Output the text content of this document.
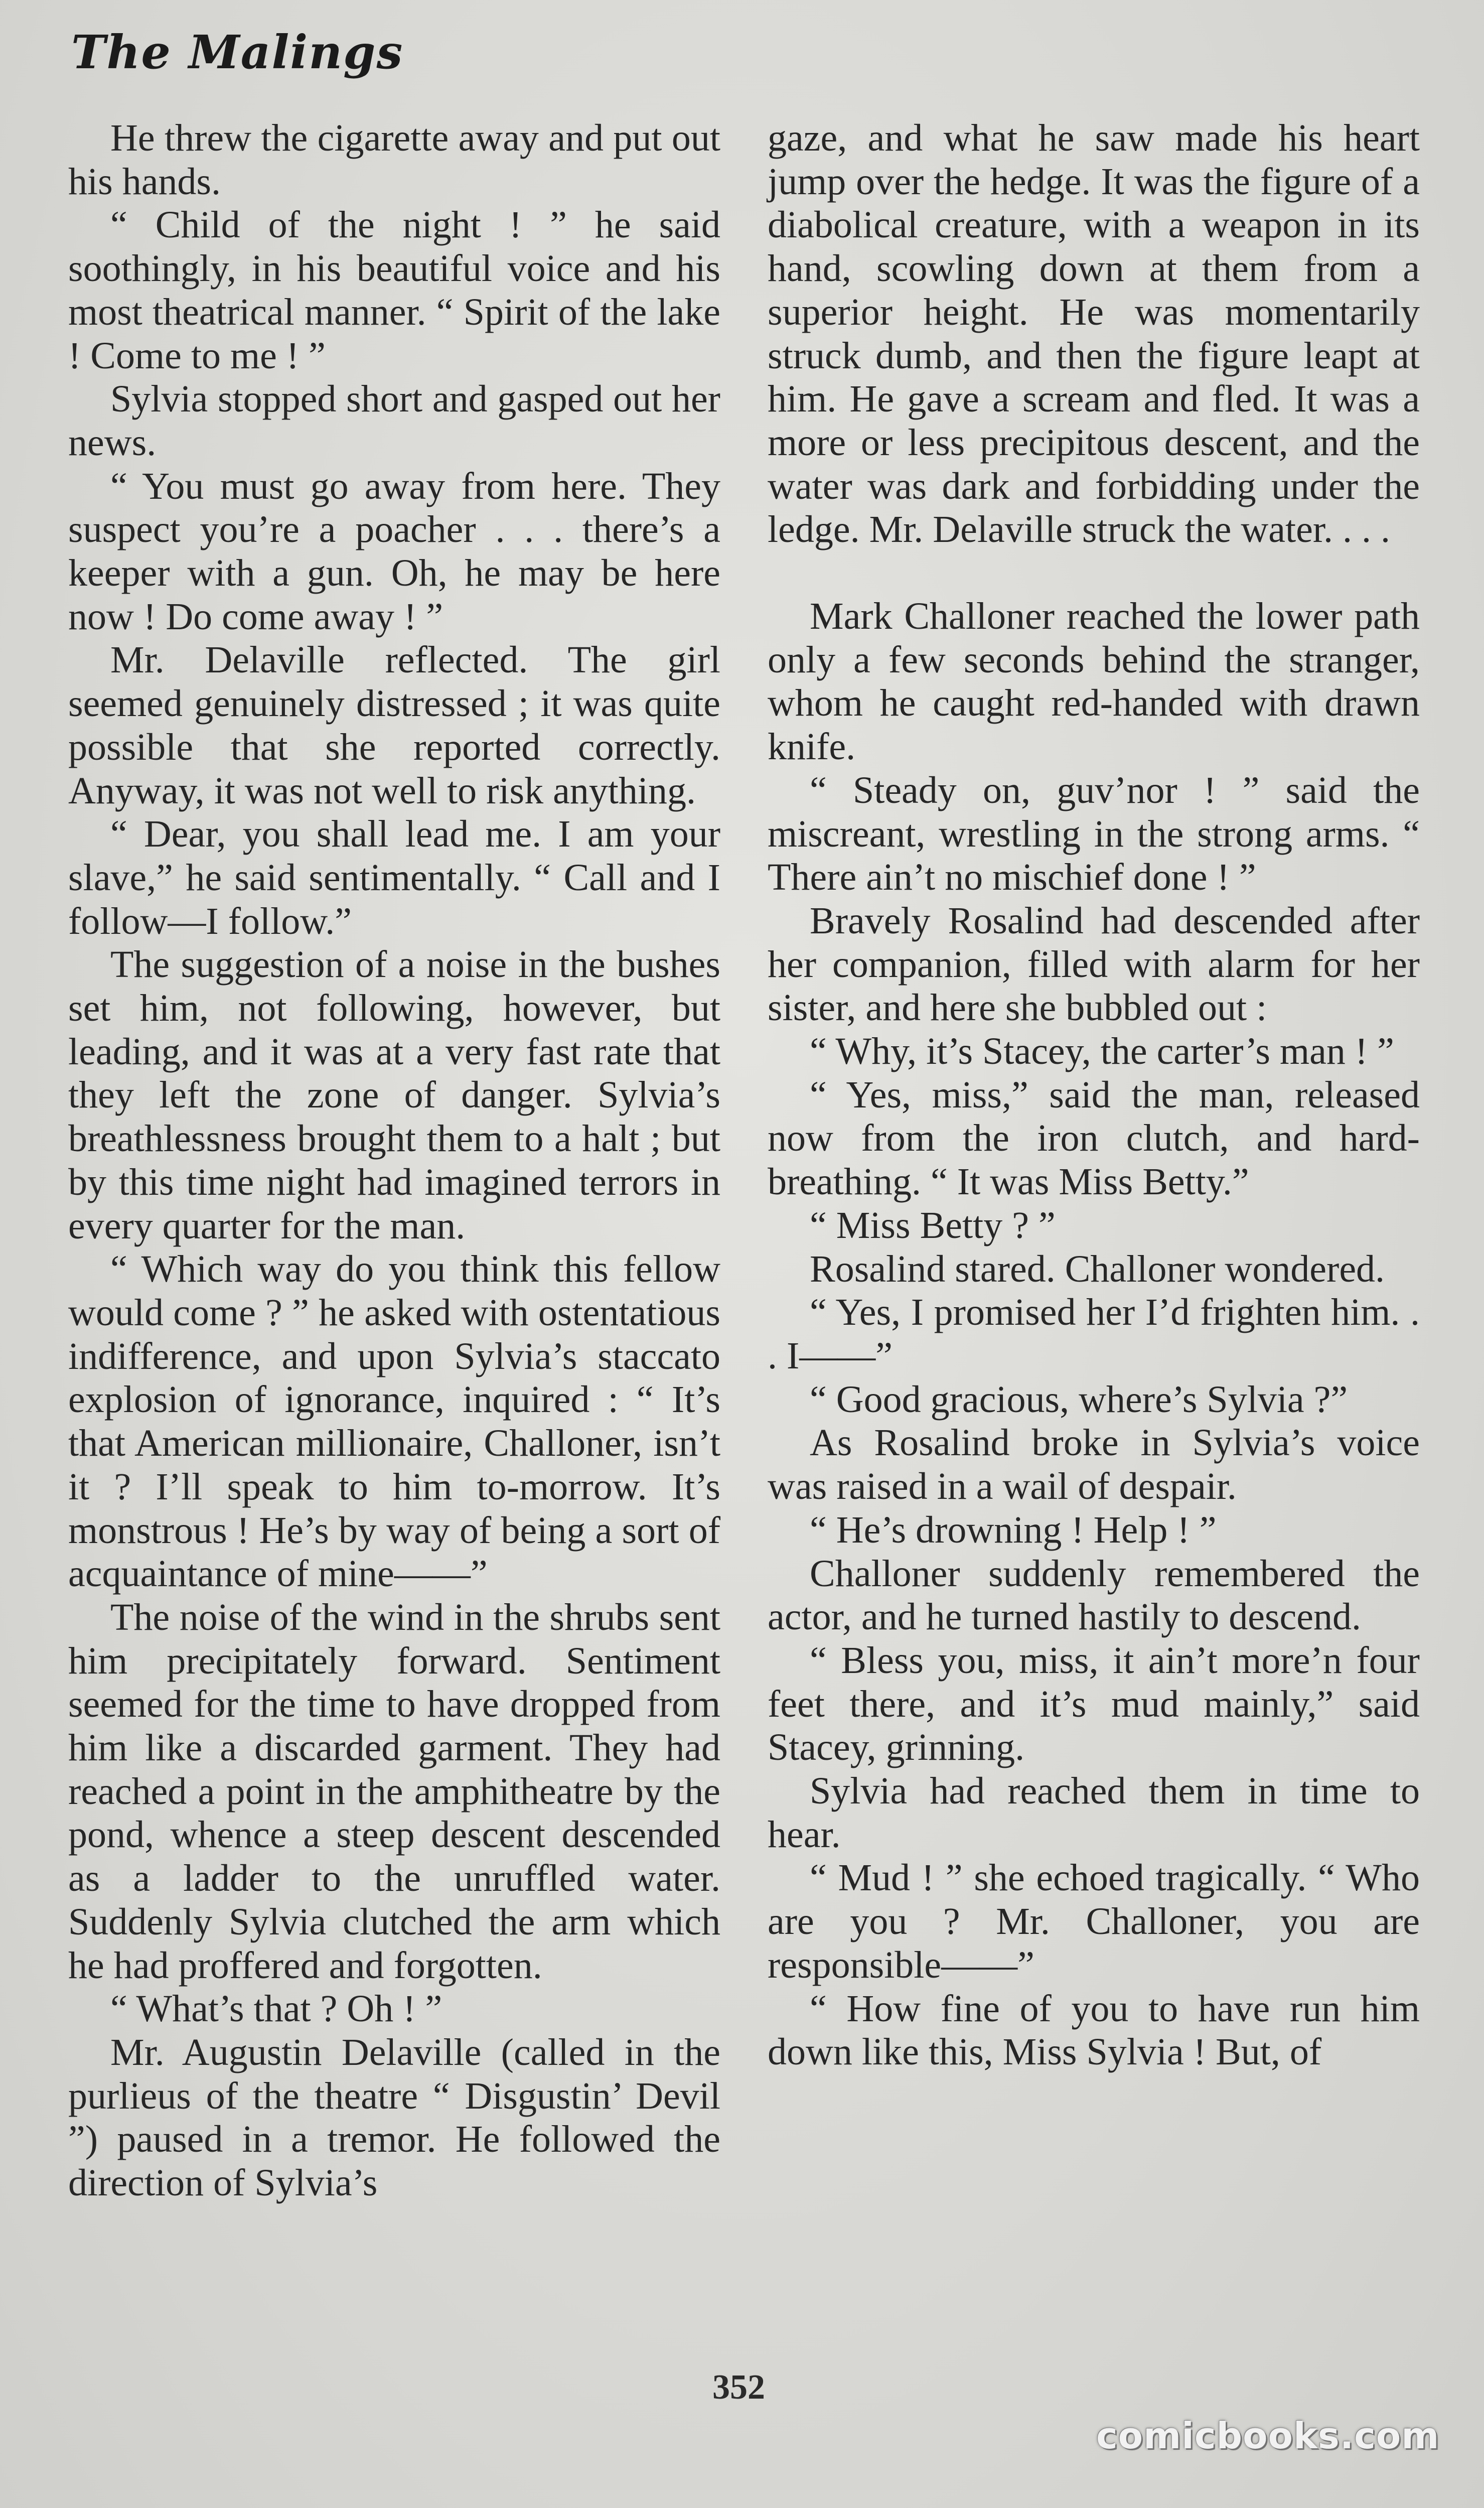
The Malings

He threw the cigarette away and put out his hands.

“ Child of the night ! ” he said soothingly, in his beautiful voice and his most theatrical manner. “ Spirit of the lake ! Come to me ! ”

Sylvia stopped short and gasped out her news.

“ You must go away from here. They suspect you’re a poacher . . . there’s a keeper with a gun. Oh, he may be here now ! Do come away ! ”

Mr. Delaville reflected. The girl seemed genuinely distressed ; it was quite possible that she reported correctly. Anyway, it was not well to risk anything.

“ Dear, you shall lead me. I am your slave,” he said sentimentally. “ Call and I follow—I follow.”

The suggestion of a noise in the bushes set him, not following, however, but leading, and it was at a very fast rate that they left the zone of danger. Sylvia’s breathlessness brought them to a halt ; but by this time night had imagined terrors in every quarter for the man.

“ Which way do you think this fellow would come ? ” he asked with ostentatious indifference, and upon Sylvia’s staccato explosion of ignorance, inquired : “ It’s that American millionaire, Challoner, isn’t it ? I’ll speak to him to-morrow. It’s monstrous ! He’s by way of being a sort of acquaintance of mine——”

The noise of the wind in the shrubs sent him precipitately forward. Sentiment seemed for the time to have dropped from him like a discarded garment. They had reached a point in the amphitheatre by the pond, whence a steep descent descended as a ladder to the unruffled water. Suddenly Sylvia clutched the arm which he had proffered and forgotten.

“ What’s that ? Oh ! ”

Mr. Augustin Delaville (called in the purlieus of the theatre “ Disgustin’ Devil ”) paused in a tremor. He followed the direction of Sylvia’s

gaze, and what he saw made his heart jump over the hedge. It was the figure of a diabolical creature, with a weapon in its hand, scowling down at them from a superior height. He was momentarily struck dumb, and then the figure leapt at him. He gave a scream and fled. It was a more or less precipitous descent, and the water was dark and forbidding under the ledge. Mr. Delaville struck the water. . . .

Mark Challoner reached the lower path only a few seconds behind the stranger, whom he caught red-handed with drawn knife.

“ Steady on, guv’nor ! ” said the miscreant, wrestling in the strong arms. “ There ain’t no mischief done ! ”

Bravely Rosalind had descended after her companion, filled with alarm for her sister, and here she bubbled out :

“ Why, it’s Stacey, the carter’s man ! ”

“ Yes, miss,” said the man, released now from the iron clutch, and hard-breathing. “ It was Miss Betty.”

“ Miss Betty ? ”

Rosalind stared. Challoner wondered.

“ Yes, I promised her I’d frighten him. . . I——”

“ Good gracious, where’s Sylvia ?”

As Rosalind broke in Sylvia’s voice was raised in a wail of despair.

“ He’s drowning ! Help ! ”

Challoner suddenly remembered the actor, and he turned hastily to descend.

“ Bless you, miss, it ain’t more’n four feet there, and it’s mud mainly,” said Stacey, grinning.

Sylvia had reached them in time to hear.

“ Mud ! ” she echoed tragically. “ Who are you ? Mr. Challoner, you are responsible——”

“ How fine of you to have run him down like this, Miss Sylvia ! But, of

352
comicbooks.com
